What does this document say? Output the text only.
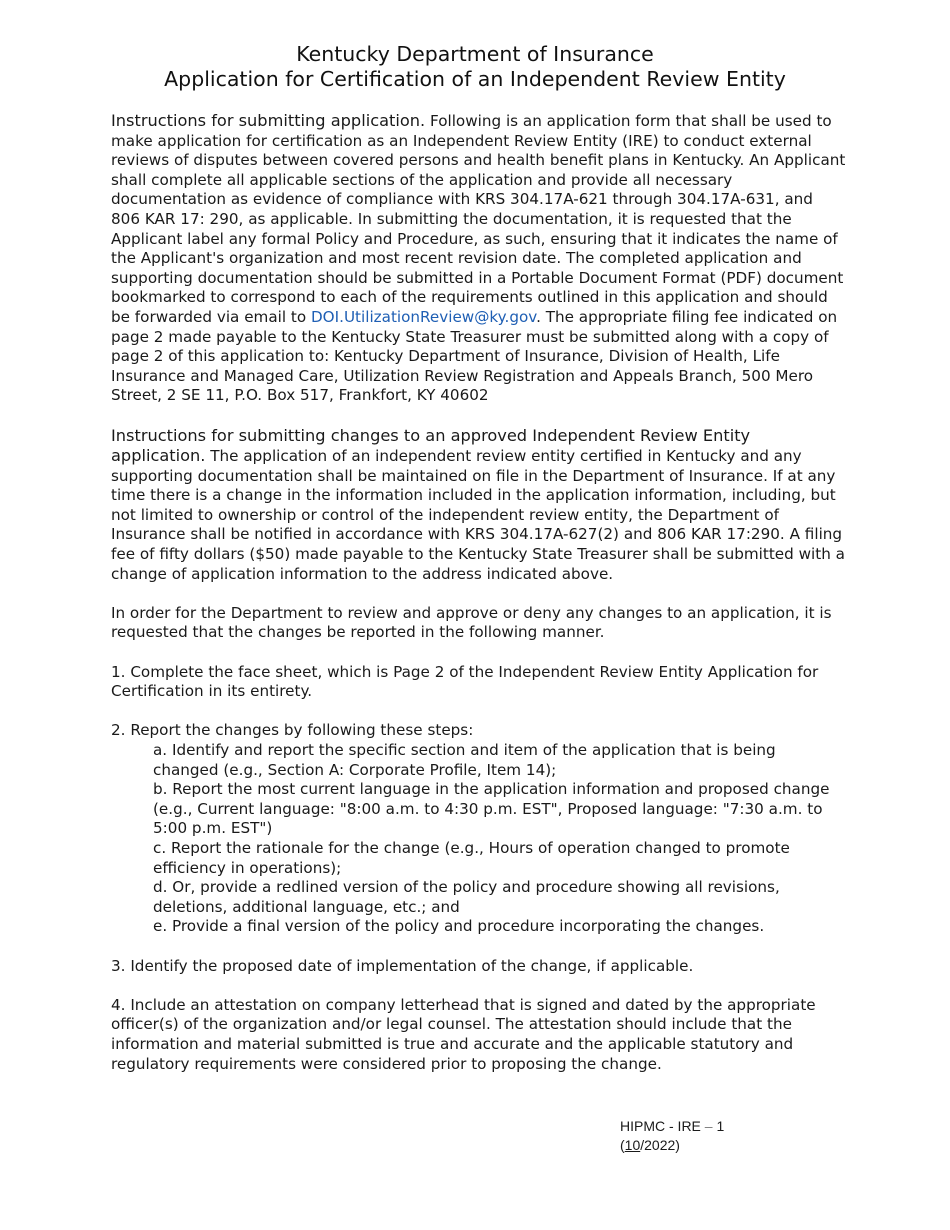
Kentucky Department of Insurance
Application for Certification of an Independent Review Entity

Instructions for submitting application. Following is an application form that shall be used to make application for certification as an Independent Review Entity (IRE) to conduct external reviews of disputes between covered persons and health benefit plans in Kentucky. An Applicant shall complete all applicable sections of the application and provide all necessary documentation as evidence of compliance with KRS 304.17A-621 through 304.17A-631, and 806 KAR 17: 290, as applicable. In submitting the documentation, it is requested that the Applicant label any formal Policy and Procedure, as such, ensuring that it indicates the name of the Applicant's organization and most recent revision date. The completed application and supporting documentation should be submitted in a Portable Document Format (PDF) document bookmarked to correspond to each of the requirements outlined in this application and should be forwarded via email to DOI.UtilizationReview@ky.gov. The appropriate filing fee indicated on page 2 made payable to the Kentucky State Treasurer must be submitted along with a copy of page 2 of this application to: Kentucky Department of Insurance, Division of Health, Life Insurance and Managed Care, Utilization Review Registration and Appeals Branch, 500 Mero Street, 2 SE 11, P.O. Box 517, Frankfort, KY 40602

Instructions for submitting changes to an approved Independent Review Entity application. The application of an independent review entity certified in Kentucky and any supporting documentation shall be maintained on file in the Department of Insurance. If at any time there is a change in the information included in the application information, including, but not limited to ownership or control of the independent review entity, the Department of Insurance shall be notified in accordance with KRS 304.17A-627(2) and 806 KAR 17:290. A filing fee of fifty dollars ($50) made payable to the Kentucky State Treasurer shall be submitted with a change of application information to the address indicated above.

In order for the Department to review and approve or deny any changes to an application, it is requested that the changes be reported in the following manner.

1. Complete the face sheet, which is Page 2 of the Independent Review Entity Application for Certification in its entirety.

2. Report the changes by following these steps:

a. Identify and report the specific section and item of the application that is being changed (e.g., Section A: Corporate Profile, Item 14);

b. Report the most current language in the application information and proposed change (e.g., Current language: "8:00 a.m. to 4:30 p.m. EST", Proposed language: "7:30 a.m. to 5:00 p.m. EST")

c. Report the rationale for the change (e.g., Hours of operation changed to promote efficiency in operations);

d. Or, provide a redlined version of the policy and procedure showing all revisions, deletions, additional language, etc.; and

e. Provide a final version of the policy and procedure incorporating the changes.

3. Identify the proposed date of implementation of the change, if applicable.

4. Include an attestation on company letterhead that is signed and dated by the appropriate officer(s) of the organization and/or legal counsel. The attestation should include that the information and material submitted is true and accurate and the applicable statutory and regulatory requirements were considered prior to proposing the change.

HIPMC - IRE – 1
(10/2022)
